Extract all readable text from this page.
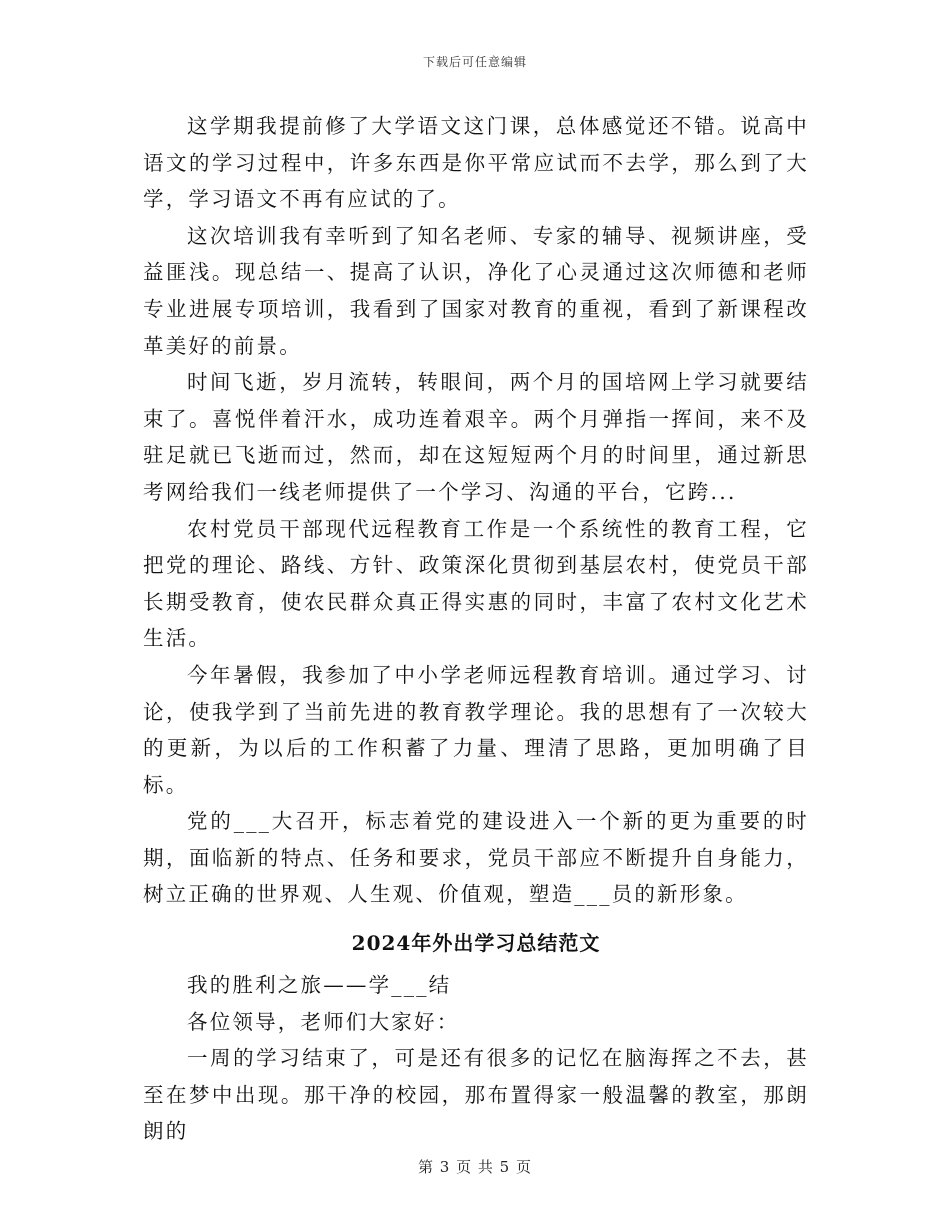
下载后可任意编辑

这学期我提前修了大学语文这门课，总体感觉还不错。说高中语文的学习过程中，许多东西是你平常应试而不去学，那么到了大学，学习语文不再有应试的了。

这次培训我有幸听到了知名老师、专家的辅导、视频讲座，受益匪浅。现总结一、提高了认识，净化了心灵通过这次师德和老师专业进展专项培训，我看到了国家对教育的重视，看到了新课程改革美好的前景。

时间飞逝，岁月流转，转眼间，两个月的国培网上学习就要结束了。喜悦伴着汗水，成功连着艰辛。两个月弹指一挥间，来不及驻足就已飞逝而过，然而，却在这短短两个月的时间里，通过新思考网给我们一线老师提供了一个学习、沟通的平台，它跨...

农村党员干部现代远程教育工作是一个系统性的教育工程，它把党的理论、路线、方针、政策深化贯彻到基层农村，使党员干部长期受教育，使农民群众真正得实惠的同时，丰富了农村文化艺术生活。

今年暑假，我参加了中小学老师远程教育培训。通过学习、讨论，使我学到了当前先进的教育教学理论。我的思想有了一次较大的更新，为以后的工作积蓄了力量、理清了思路，更加明确了目标。

党的___大召开，标志着党的建设进入一个新的更为重要的时期，面临新的特点、任务和要求，党员干部应不断提升自身能力，树立正确的世界观、人生观、价值观，塑造___员的新形象。

2024年外出学习总结范文

我的胜利之旅——学___结

各位领导，老师们大家好：

一周的学习结束了，可是还有很多的记忆在脑海挥之不去，甚至在梦中出现。那干净的校园，那布置得家一般温馨的教室，那朗朗的

第 3 页 共 5 页
